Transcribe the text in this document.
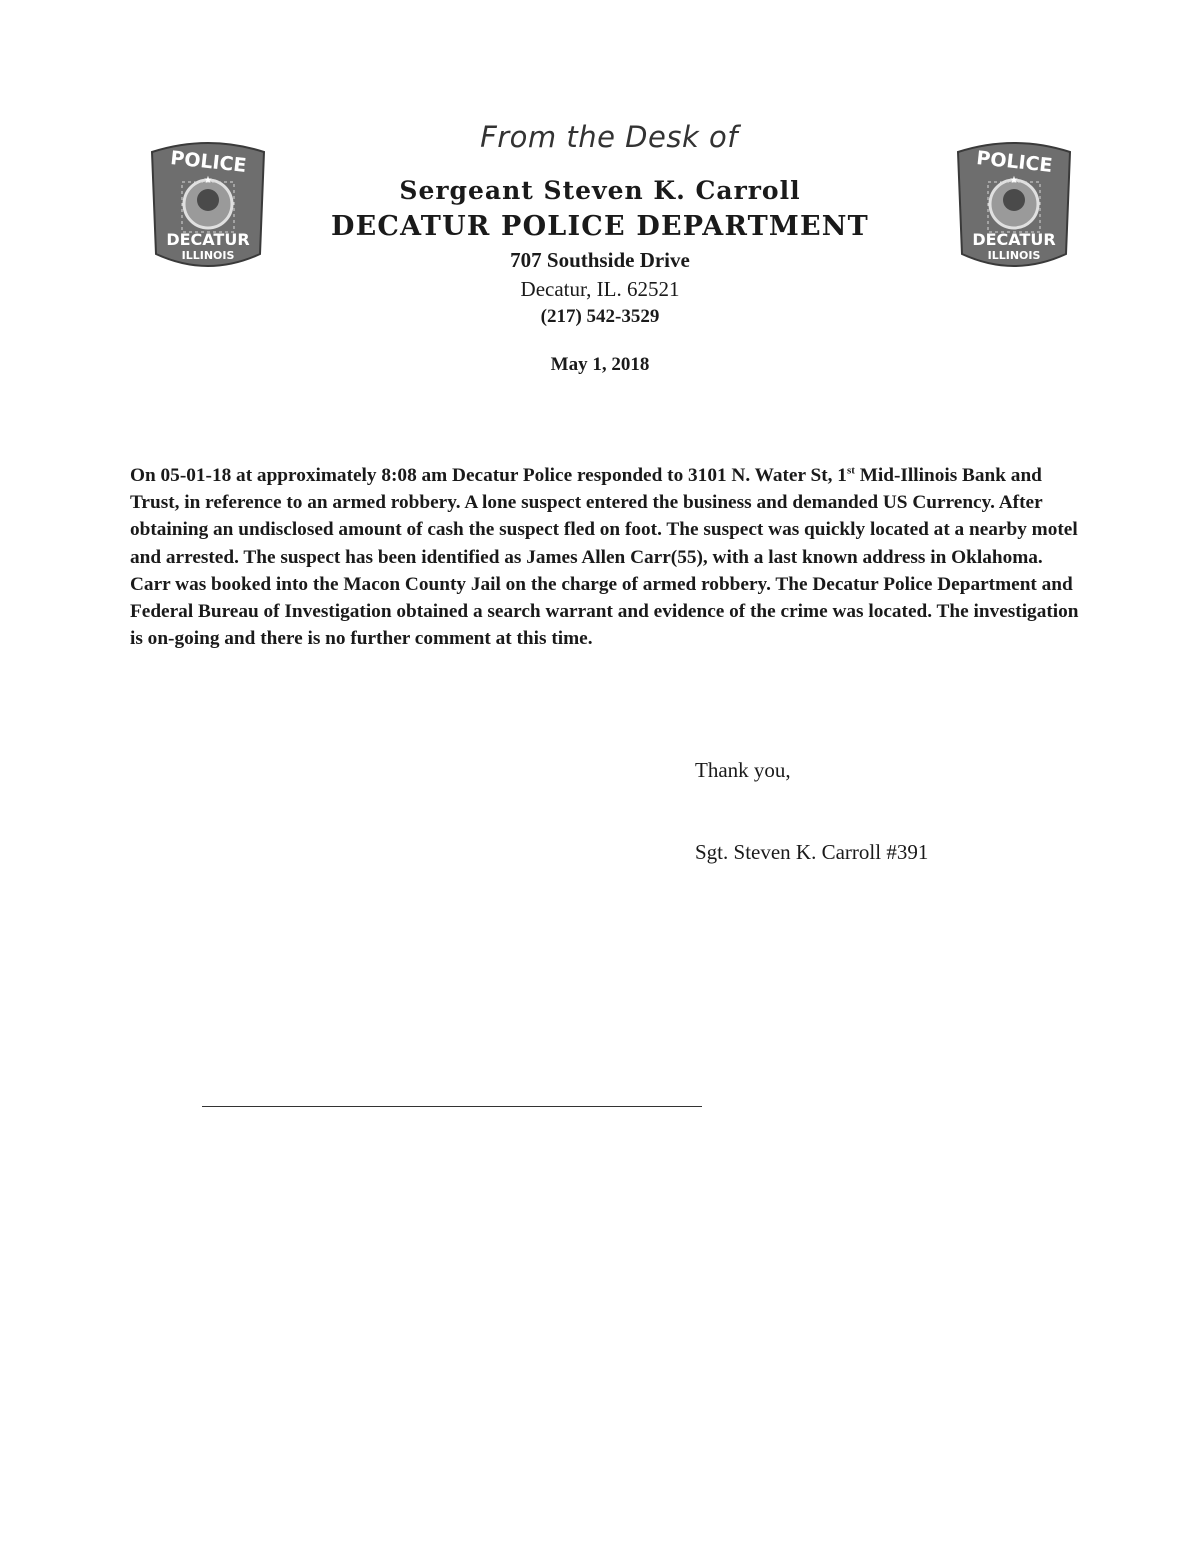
POLICE
★
DECATUR
ILLINOIS
POLICE
★
DECATUR
ILLINOIS
From the Desk of
Sergeant Steven K. Carroll
DECATUR POLICE DEPARTMENT
707 Southside Drive
Decatur, IL. 62521
(217) 542-3529
May 1, 2018
On 05-01-18 at approximately 8:08 am Decatur Police responded to 3101 N. Water St, 1st Mid-Illinois Bank and Trust, in reference to an armed robbery. A lone suspect entered the business and demanded US Currency. After obtaining an undisclosed amount of cash the suspect fled on foot. The suspect was quickly located at a nearby motel and arrested. The suspect has been identified as James Allen Carr(55), with a last known address in Oklahoma. Carr was booked into the Macon County Jail on the charge of armed robbery. The Decatur Police Department and Federal Bureau of Investigation obtained a search warrant and evidence of the crime was located. The investigation is on-going and there is no further comment at this time.
Thank you,
Sgt. Steven K. Carroll #391
